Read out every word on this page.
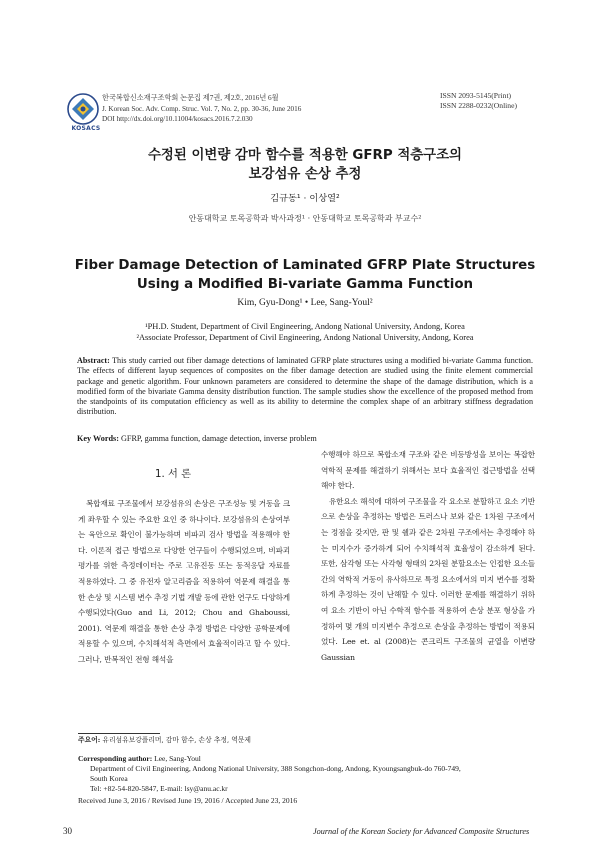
KOSACS
한국복합신소재구조학회 논문집 제7권, 제2호, 2016년 6월
J. Korean Soc. Adv. Comp. Struc. Vol. 7, No. 2, pp. 30-36, June 2016
DOI http://dx.doi.org/10.11004/kosacs.2016.7.2.030
ISSN 2093-5145(Print)
ISSN 2288-0232(Online)
수정된 이변량 감마 함수를 적용한 GFRP 적층구조의
보강섬유 손상 추정
김규동¹ · 이상열²
안동대학교 토목공학과 박사과정¹ · 안동대학교 토목공학과 부교수²
Fiber Damage Detection of Laminated GFRP Plate Structures
Using a Modified Bi-variate Gamma Function
Kim, Gyu-Dong¹ • Lee, Sang-Youl²
¹PH.D. Student, Department of Civil Engineering, Andong National University, Andong, Korea
²Associate Professor, Department of Civil Engineering, Andong National University, Andong, Korea
Abstract: This study carried out fiber damage detections of laminated GFRP plate structures using a modified bi-variate Gamma function. The effects of different layup sequences of composites on the fiber damage detection are studied using the finite element commercial package and genetic algorithm. Four unknown parameters are considered to determine the shape of the damage distribution, which is a modified form of the bivariate Gamma density distribution function. The sample studies show the excellence of the proposed method from the standpoints of its computation efficiency as well as its ability to determine the complex shape of an arbitrary stiffness degradation distribution.
Key Words: GFRP, gamma function, damage detection, inverse problem
1. 서 론

복합재료 구조물에서 보강섬유의 손상은 구조성능 및 거동을 크게 좌우할 수 있는 주요한 요인 중 하나이다. 보강섬유의 손상여부는 육안으로 확인이 불가능하며 비파괴 검사 방법을 적용해야 한다. 이론적 접근 방법으로 다양한 연구들이 수행되었으며, 비파괴평가를 위한 측정데이터는 주로 고유진동 또는 동적응답 자료를 적용하였다. 그 중 유전자 알고리즘을 적용하여 역문제 해결을 통한 손상 및 시스템 변수 추정 기법 개발 등에 관한 연구도 다양하게 수행되었다(Guo and Li, 2012; Chou and Ghaboussi, 2001). 역문제 해결을 통한 손상 추정 방법은 다양한 공학문제에 적용할 수 있으며, 수치해석적 측면에서 효율적이라고 할 수 있다. 그러나, 반복적인 전형 해석을

수행해야 하므로 복합소재 구조와 같은 비등방성을 보이는 복잡한 역학적 문제를 해결하기 위해서는 보다 효율적인 접근방법을 선택해야 한다.

유한요소 해석에 대하여 구조물을 각 요소로 분할하고 요소 기반으로 손상을 추정하는 방법은 트러스나 보와 같은 1차원 구조에서는 정점을 갖지만, 판 및 쉘과 같은 2차원 구조에서는 추정해야 하는 미지수가 증가하게 되어 수치해석적 효율성이 감소하게 된다. 또한, 삼각형 또는 사각형 형태의 2차원 분할요소는 인접한 요소들 간의 역학적 거동이 유사하므로 특정 요소에서의 미지 변수를 정확하게 추정하는 것이 난해할 수 있다. 이러한 문제를 해결하기 위하여 요소 기반이 아닌 수학적 함수를 적용하여 손상 분포 형상을 가정하여 몇 개의 미지변수 추정으로 손상을 추정하는 방법이 적용되었다. Lee et. al (2008)는 콘크리트 구조물의 균열을 이변량 Gaussian

주요어: 유리섬유보강플리머, 감마 함수, 손상 추정, 역문제
Corresponding author: Lee, Sang-Youl
Department of Civil Engineering, Andong National University, 388 Songchon-dong, Andong, Kyoungsangbuk-do 760-749,
South Korea
Tel: +82-54-820-5847, E-mail: lsy@anu.ac.kr
Received June 3, 2016 / Revised June 19, 2016 / Accepted June 23, 2016
30	Journal of the Korean Society for Advanced Composite Structures
